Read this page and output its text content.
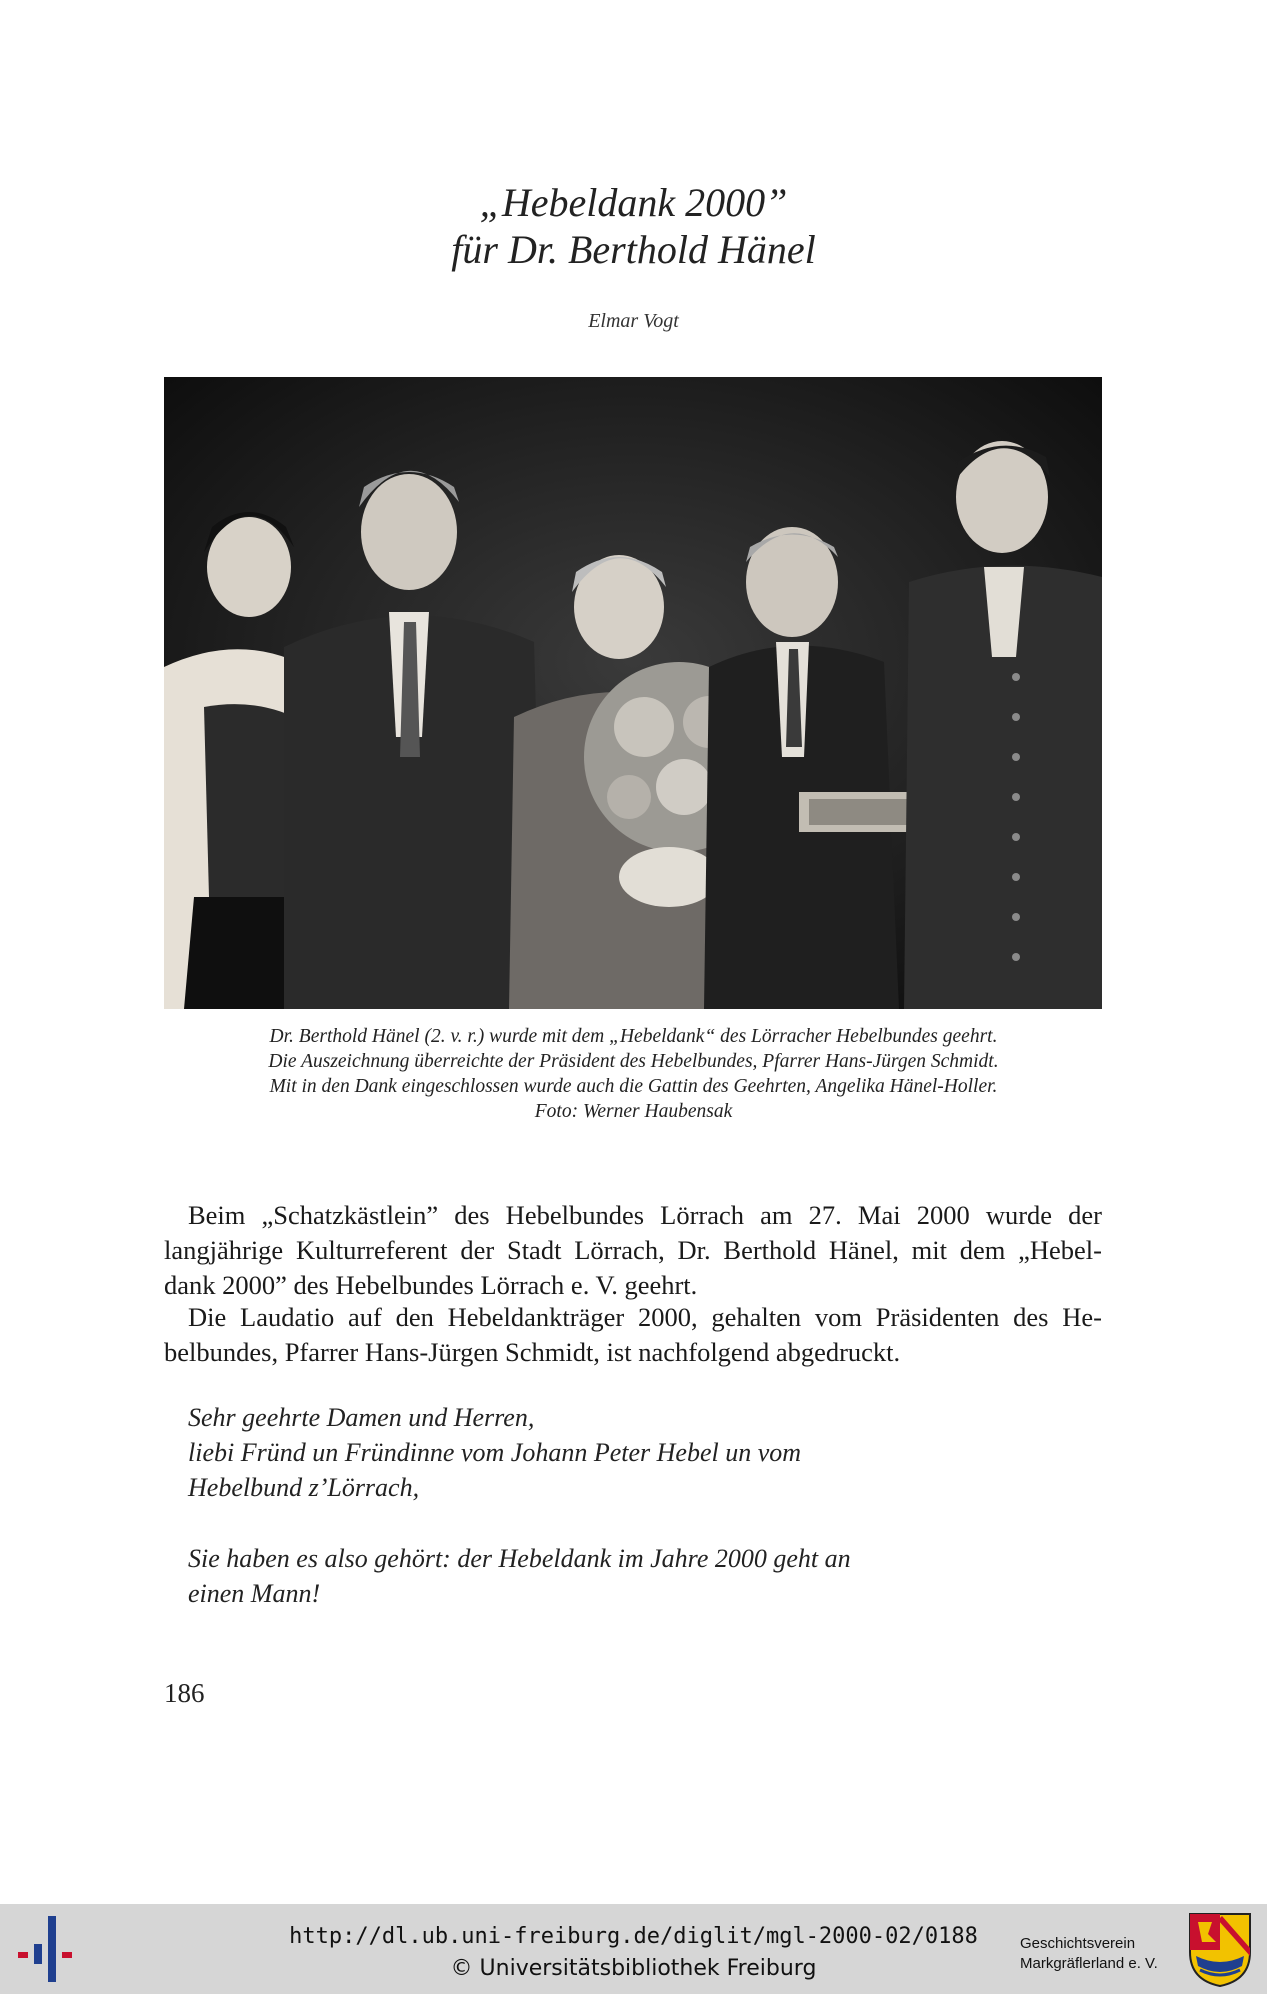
„Hebeldank 2000”
für Dr. Berthold Hänel
Elmar Vogt
Dr. Berthold Hänel (2. v. r.) wurde mit dem „Hebeldank“ des Lörracher Hebelbundes geehrt.
Die Auszeichnung überreichte der Präsident des Hebelbundes, Pfarrer Hans-Jürgen Schmidt.
Mit in den Dank eingeschlossen wurde auch die Gattin des Geehrten, Angelika Hänel-Holler.
Foto: Werner Haubensak
Beim „Schatzkästlein” des Hebelbundes Lörrach am 27. Mai 2000 wurde der
langjährige Kulturreferent der Stadt Lörrach, Dr. Berthold Hänel, mit dem „Hebel-
dank 2000” des Hebelbundes Lörrach e. V. geehrt.
Die Laudatio auf den Hebeldankträger 2000, gehalten vom Präsidenten des He-
belbundes, Pfarrer Hans-Jürgen Schmidt, ist nachfolgend abgedruckt.
Sehr geehrte Damen und Herren,
liebi Fründ un Fründinne vom Johann Peter Hebel un vom
Hebelbund z’Lörrach,
Sie haben es also gehört: der Hebeldank im Jahre 2000 geht an
einen Mann!
186
http://dl.ub.uni-freiburg.de/diglit/mgl-2000-02/0188
© Universitätsbibliothek Freiburg
Geschichtsverein
Markgräflerland e. V.
